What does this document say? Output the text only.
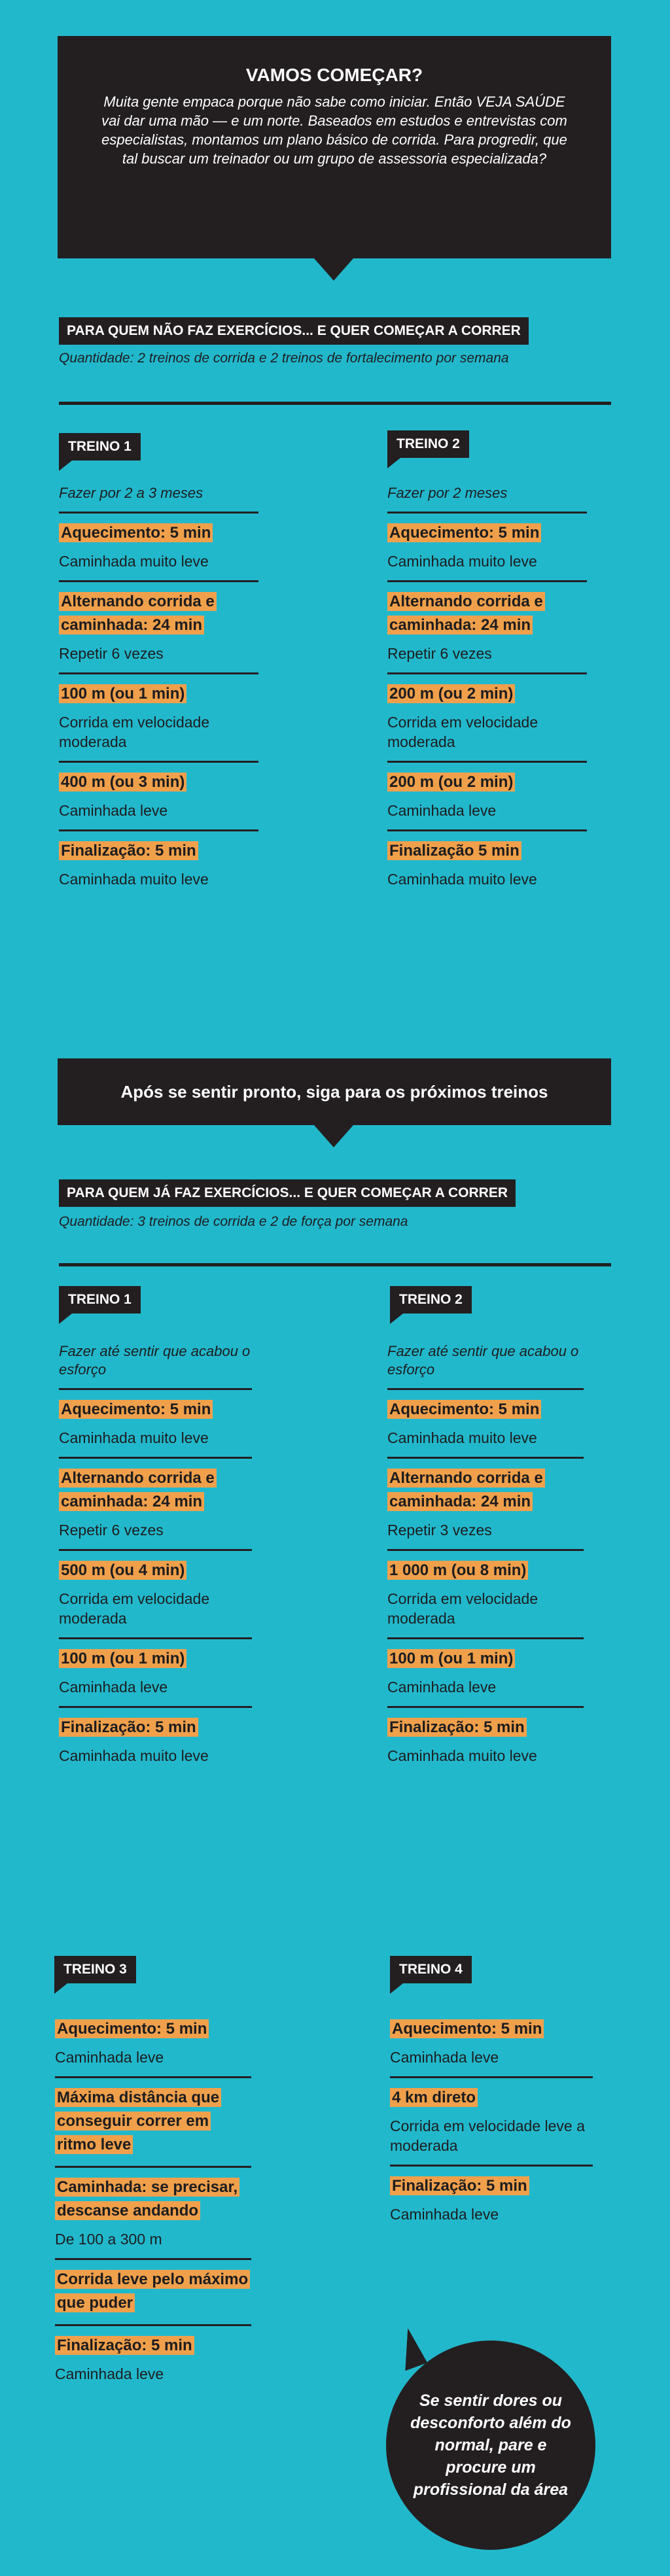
VAMOS COMEÇAR?
Muita gente empaca porque não sabe como iniciar. Então VEJA SAÚDE vai dar uma mão — e um norte. Baseados em estudos e entrevistas com especialistas, montamos um plano básico de corrida. Para progredir, que tal buscar um treinador ou um grupo de assessoria especializada?
PARA QUEM NÃO FAZ EXERCÍCIOS... E QUER COMEÇAR A CORRER
Quantidade: 2 treinos de corrida e 2 treinos de fortalecimento por semana
TREINO 1
Fazer por 2 a 3 meses
Aquecimento: 5 min
Caminhada muito leve
Alternando corrida e caminhada: 24 min
Repetir 6 vezes
100 m (ou 1 min)
Corrida em velocidade moderada
400 m (ou 3 min)
Caminhada leve
Finalização: 5 min
Caminhada muito leve
TREINO 2
Fazer por 2 meses
Aquecimento: 5 min
Caminhada muito leve
Alternando corrida e caminhada: 24 min
Repetir 6 vezes
200 m (ou 2 min)
Corrida em velocidade moderada
200 m (ou 2 min)
Caminhada leve
Finalização 5 min
Caminhada muito leve
Após se sentir pronto, siga para os próximos treinos
PARA QUEM JÁ FAZ EXERCÍCIOS... E QUER COMEÇAR A CORRER
Quantidade: 3 treinos de corrida e 2 de força por semana
TREINO 1
Fazer até sentir que acabou o esforço
Aquecimento: 5 min
Caminhada muito leve
Alternando corrida e caminhada: 24 min
Repetir 6 vezes
500 m (ou 4 min)
Corrida em velocidade moderada
100 m (ou 1 min)
Caminhada leve
Finalização: 5 min
Caminhada muito leve
TREINO 2
Fazer até sentir que acabou o esforço
Aquecimento: 5 min
Caminhada muito leve
Alternando corrida e caminhada: 24 min
Repetir 3 vezes
1 000 m (ou 8 min)
Corrida em velocidade moderada
100 m (ou 1 min)
Caminhada leve
Finalização: 5 min
Caminhada muito leve
TREINO 3
Aquecimento: 5 min
Caminhada leve
Máxima distância que conseguir correr em ritmo leve
Caminhada: se precisar, descanse andando
De 100 a 300 m
Corrida leve pelo máximo que puder
Finalização: 5 min
Caminhada leve
TREINO 4
Aquecimento: 5 min
Caminhada leve
4 km direto
Corrida em velocidade leve a moderada
Finalização: 5 min
Caminhada leve
Se sentir dores ou desconforto além do normal, pare e procure um profissional da área
